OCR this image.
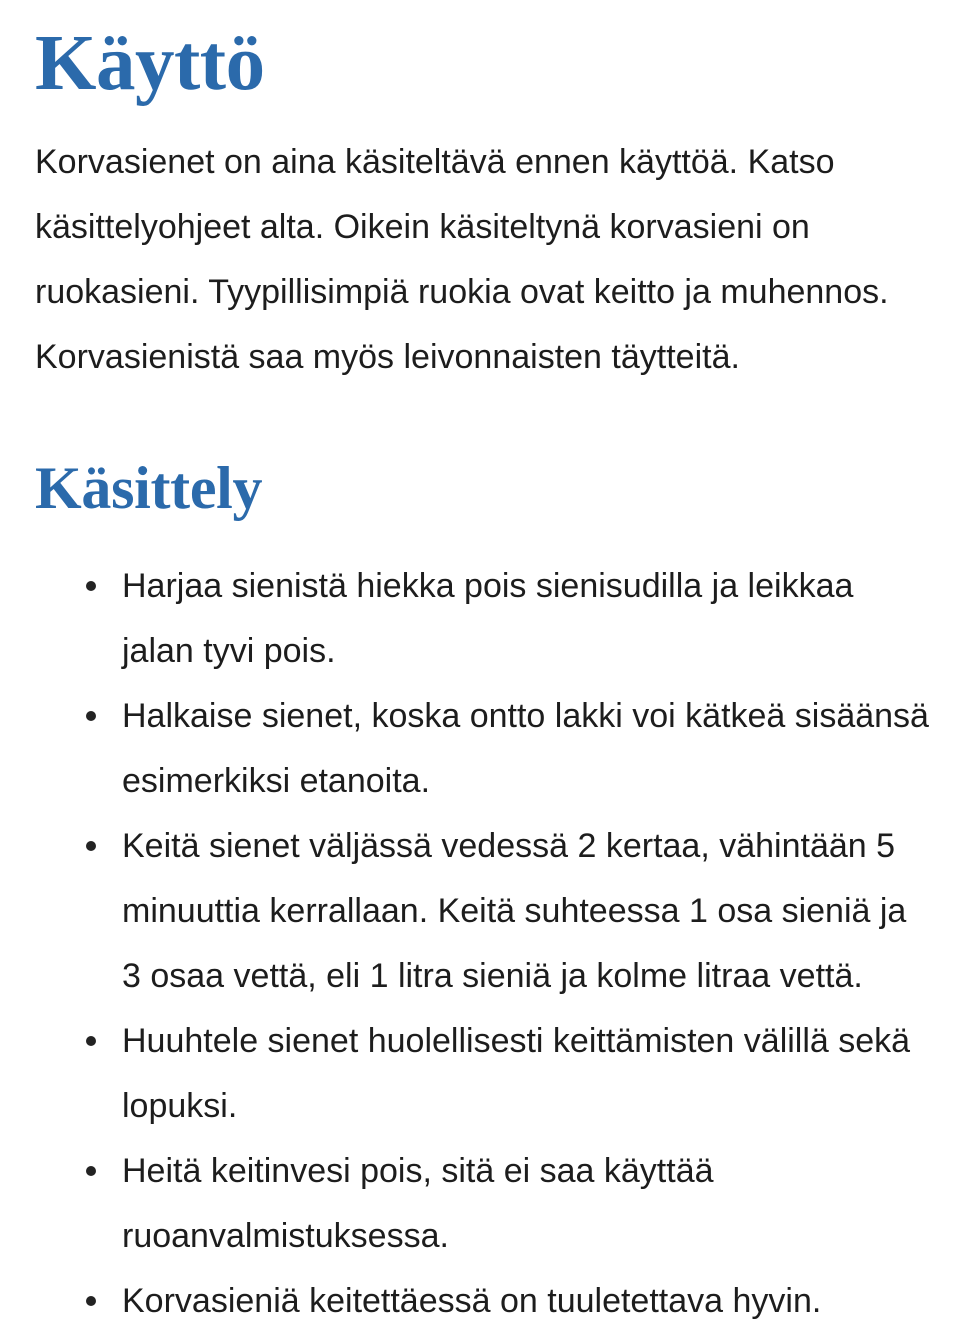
Käyttö

Korvasienet on aina käsiteltävä ennen käyttöä. Katso käsittelyohjeet alta. Oikein käsiteltynä korvasieni on ruokasieni. Tyypillisimpiä ruokia ovat keitto ja muhennos. Korvasienistä saa myös leivonnaisten täytteitä.

Käsittely
Harjaa sienistä hiekka pois sienisudilla ja leikkaa jalan tyvi pois.
Halkaise sienet, koska ontto lakki voi kätkeä sisäänsä esimerkiksi etanoita.
Keitä sienet väljässä vedessä 2 kertaa, vähintään 5 minuuttia kerrallaan. Keitä suhteessa 1 osa sieniä ja 3 osaa vettä, eli 1 litra sieniä ja kolme litraa vettä.
Huuhtele sienet huolellisesti keittämisten välillä sekä lopuksi.
Heitä keitinvesi pois, sitä ei saa käyttää ruoanvalmistuksessa.
Korvasieniä keitettäessä on tuuletettava hyvin.
